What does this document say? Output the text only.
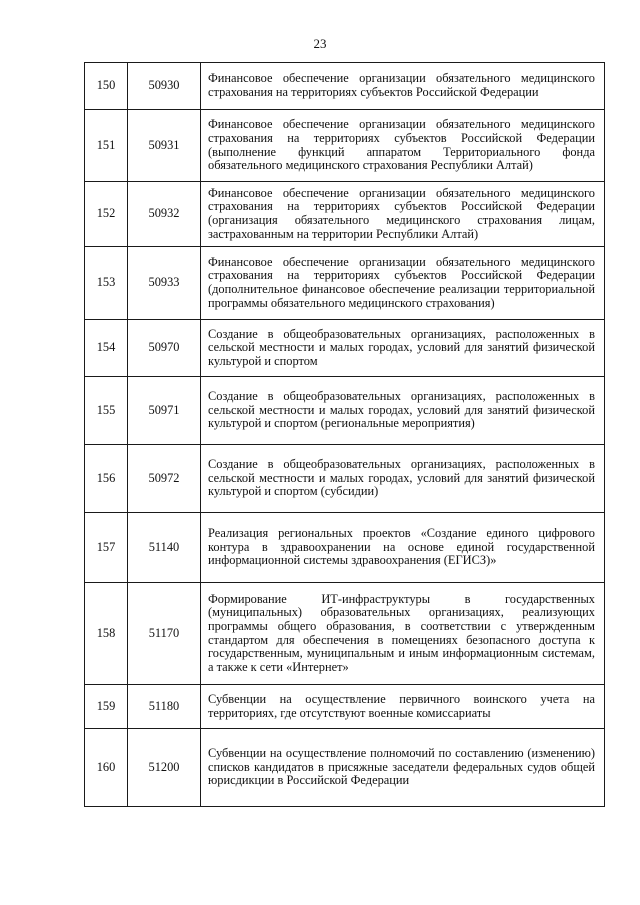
23
150	50930	Финансовое обеспечение организации обязательного медицинского страхования на территориях субъектов Российской Федерации
151	50931	Финансовое обеспечение организации обязательного медицинского страхования на территориях субъектов Российской Федерации (выполнение функций аппаратом Территориального фонда обязательного медицинского страхования Республики Алтай)
152	50932	Финансовое обеспечение организации обязательного медицинского страхования на территориях субъектов Российской Федерации (организация обязательного медицинского страхования лицам, застрахованным на территории Республики Алтай)
153	50933	Финансовое обеспечение организации обязательного медицинского страхования на территориях субъектов Российской Федерации (дополнительное финансовое обеспечение реализации территориальной программы обязательного медицинского страхования)
154	50970	Создание в общеобразовательных организациях, расположенных в сельской местности и малых городах, условий для занятий физической культурой и спортом
155	50971	Создание в общеобразовательных организациях, расположенных в сельской местности и малых городах, условий для занятий физической культурой и спортом (региональные мероприятия)
156	50972	Создание в общеобразовательных организациях, расположенных в сельской местности и малых городах, условий для занятий физической культурой и спортом (субсидии)
157	51140	Реализация региональных проектов «Создание единого цифрового контура в здравоохранении на основе единой государственной информационной системы здравоохранения (ЕГИСЗ)»
158	51170	Формирование ИТ-инфраструктуры в государственных (муниципальных) образовательных организациях, реализующих программы общего образования, в соответствии с утвержденным стандартом для обеспечения в помещениях безопасного доступа к государственным, муниципальным и иным информационным системам, а также к сети «Интернет»
159	51180	Субвенции на осуществление первичного воинского учета на территориях, где отсутствуют военные комиссариаты
160	51200	Субвенции на осуществление полномочий по составлению (изменению) списков кандидатов в присяжные заседатели федеральных судов общей юрисдикции в Российской Федерации
